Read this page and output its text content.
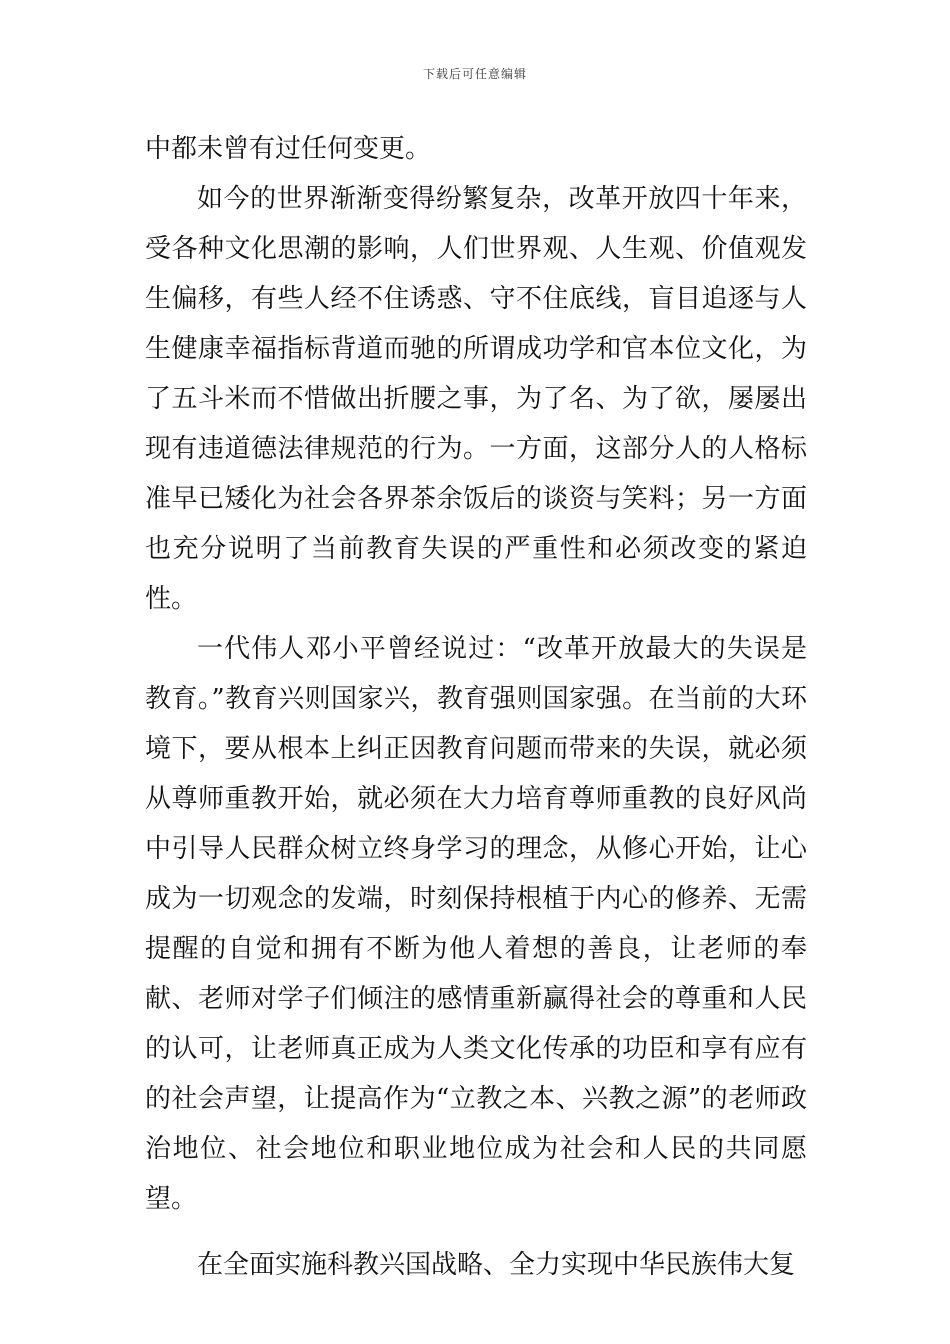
下载后可任意编辑

中都未曾有过任何变更。

如今的世界渐渐变得纷繁复杂，改革开放四十年来，受各种文化思潮的影响，人们世界观、人生观、价值观发生偏移，有些人经不住诱惑、守不住底线，盲目追逐与人生健康幸福指标背道而驰的所谓成功学和官本位文化，为了五斗米而不惜做出折腰之事，为了名、为了欲，屡屡出现有违道德法律规范的行为。一方面，这部分人的人格标准早已矮化为社会各界茶余饭后的谈资与笑料；另一方面也充分说明了当前教育失误的严重性和必须改变的紧迫性。

一代伟人邓小平曾经说过：“改革开放最大的失误是教育。”教育兴则国家兴，教育强则国家强。在当前的大环境下，要从根本上纠正因教育问题而带来的失误，就必须从尊师重教开始，就必须在大力培育尊师重教的良好风尚中引导人民群众树立终身学习的理念，从修心开始，让心成为一切观念的发端，时刻保持根植于内心的修养、无需提醒的自觉和拥有不断为他人着想的善良，让老师的奉献、老师对学子们倾注的感情重新赢得社会的尊重和人民的认可，让老师真正成为人类文化传承的功臣和享有应有的社会声望，让提高作为“立教之本、兴教之源”的老师政治地位、社会地位和职业地位成为社会和人民的共同愿望。

在全面实施科教兴国战略、全力实现中华民族伟大复
